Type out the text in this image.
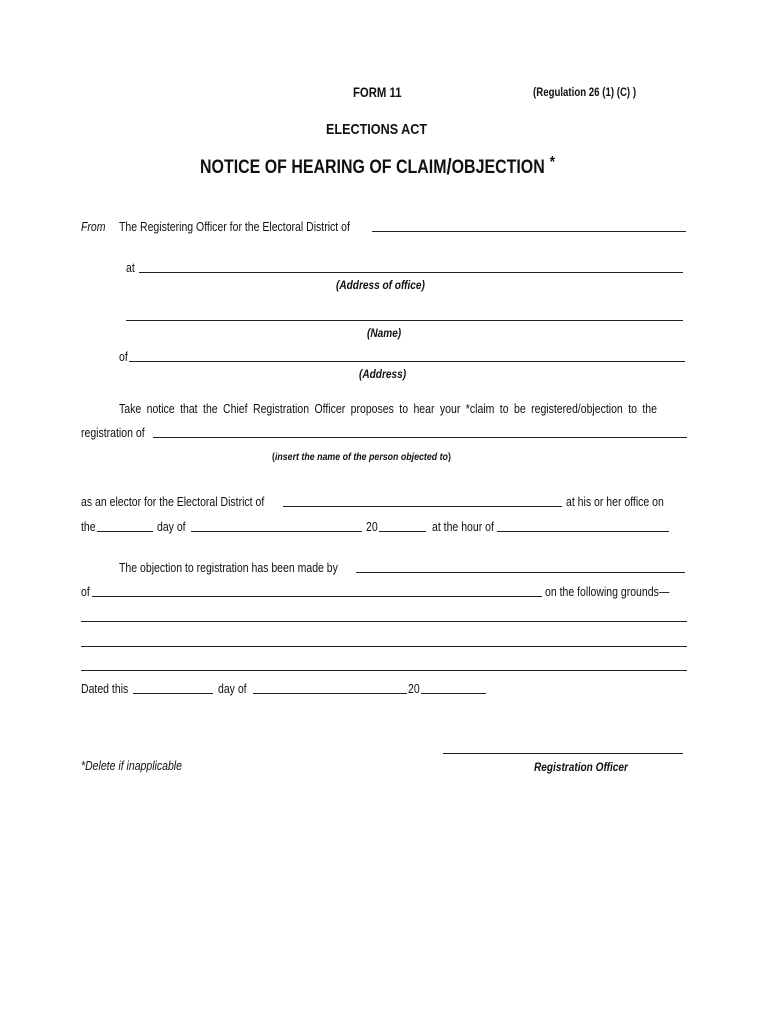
FORM 11	(Regulation 26 (1) (C) )
ELECTIONS ACT
NOTICE OF HEARING OF CLAIM/OBJECTION *
From The Registering Officer for the Electoral District of
at
(Address of office)
(Name)
of
(Address)
Take notice that the Chief Registration Officer proposes to hear your *claim to be registered/objection to the
registration of
(insert the name of the person objected to)
as an elector for the Electoral District of	at his or her office on
the	day of	20	at the hour of
The objection to registration has been made by
of	on the following grounds—
Dated this	day of	20
*Delete if inapplicable	Registration Officer
